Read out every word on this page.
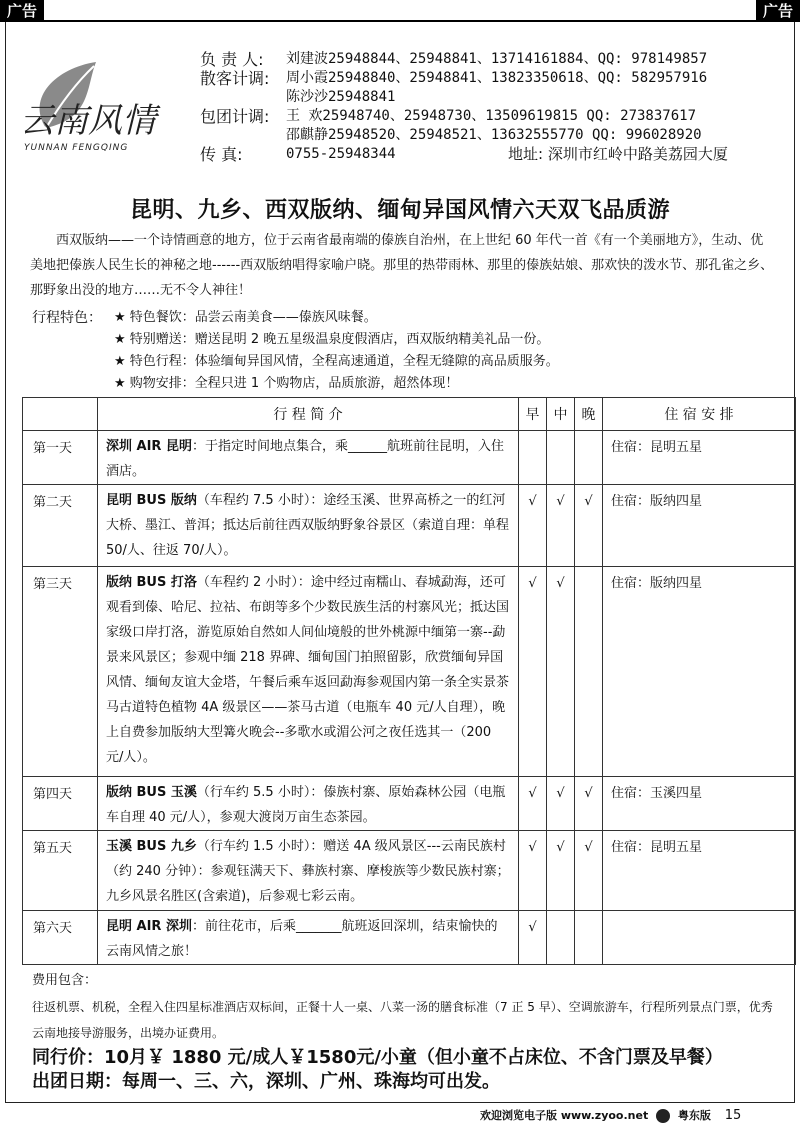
广告	广告
云南风情
YUNNAN FENGQING
负 责 人: 刘建波25948844、25948841、13714161884、QQ: 978149857
散客计调: 周小霞25948840、25948841、13823350618、QQ: 582957916
陈沙沙25948841
包团计调: 王 欢25948740、25948730、13509619815 QQ: 273837617
邵麒静25948520、25948521、13632555770 QQ: 996028920
传 真:	0755-25948344	地址: 深圳市红岭中路美荔园大厦
昆明、九乡、西双版纳、缅甸异国风情六天双飞品质游
西双版纳——一个诗情画意的地方，位于云南省最南端的傣族自治州，在上世纪 60 年代一首《有一个美丽地方》，生动、优美地把傣族人民生长的神秘之地------西双版纳唱得家喻户晓。那里的热带雨林、那里的傣族姑娘、那欢快的泼水节、那孔雀之乡、那野象出没的地方……无不令人神往！
行程特色： ★ 特色餐饮：品尝云南美食——傣族风味餐。
★ 特别赠送：赠送昆明 2 晚五星级温泉度假酒店，西双版纳精美礼品一份。
★ 特色行程：体验缅甸异国风情，全程高速通道，全程无缝隙的高品质服务。
★ 购物安排：全程只进 1 个购物店，品质旅游，超然体现！
	行 程 简 介	早	中	晚	住 宿 安 排
第一天	深圳 AIR 昆明：于指定时间地点集合，乘______航班前往昆明，入住酒店。				住宿：昆明五星
第二天	昆明 BUS 版纳（车程约 7.5 小时）：途经玉溪、世界高桥之一的红河大桥、墨江、普洱；抵达后前往西双版纳野象谷景区（索道自理：单程 50/人、往返 70/人）。	√	√	√	住宿：版纳四星
第三天	版纳 BUS 打洛（车程约 2 小时）：途中经过南糯山、春城勐海，还可观看到傣、哈尼、拉祜、布朗等多个少数民族生活的村寨风光；抵达国家级口岸打洛，游览原始自然如人间仙境般的世外桃源中缅第一寨--勐景来风景区；参观中缅 218 界碑、缅甸国门拍照留影，欣赏缅甸异国风情、缅甸友谊大金塔，午餐后乘车返回勐海参观国内第一条全实景茶马古道特色植物 4A 级景区——茶马古道（电瓶车 40 元/人自理），晚上自费参加版纳大型篝火晚会--多歌水或湄公河之夜任选其一（200 元/人）。	√	√		住宿：版纳四星
第四天	版纳 BUS 玉溪（行车约 5.5 小时）：傣族村寨、原始森林公园（电瓶车自理 40 元/人），参观大渡岗万亩生态茶园。	√	√	√	住宿：玉溪四星
第五天	玉溪 BUS 九乡（行车约 1.5 小时）：赠送 4A 级风景区---云南民族村（约 240 分钟）：参观钰满天下、彝族村寨、摩梭族等少数民族村寨；九乡风景名胜区(含索道)，后参观七彩云南。	√	√	√	住宿：昆明五星
第六天	昆明 AIR 深圳：前往花市，后乘_______航班返回深圳，结束愉快的云南风情之旅！	√			
费用包含：
往返机票、机税，全程入住四星标准酒店双标间，正餐十人一桌、八菜一汤的膳食标准（7 正 5 早）、空调旅游车，行程所列景点门票，优秀云南地接导游服务，出境办证费用。
同行价：10月￥ 1880 元/成人￥1580元/小童（但小童不占床位、不含门票及早餐）
出团日期：每周一、三、六，深圳、广州、珠海均可出发。
欢迎浏览电子版 www.zyoo.net	粤东版 15
